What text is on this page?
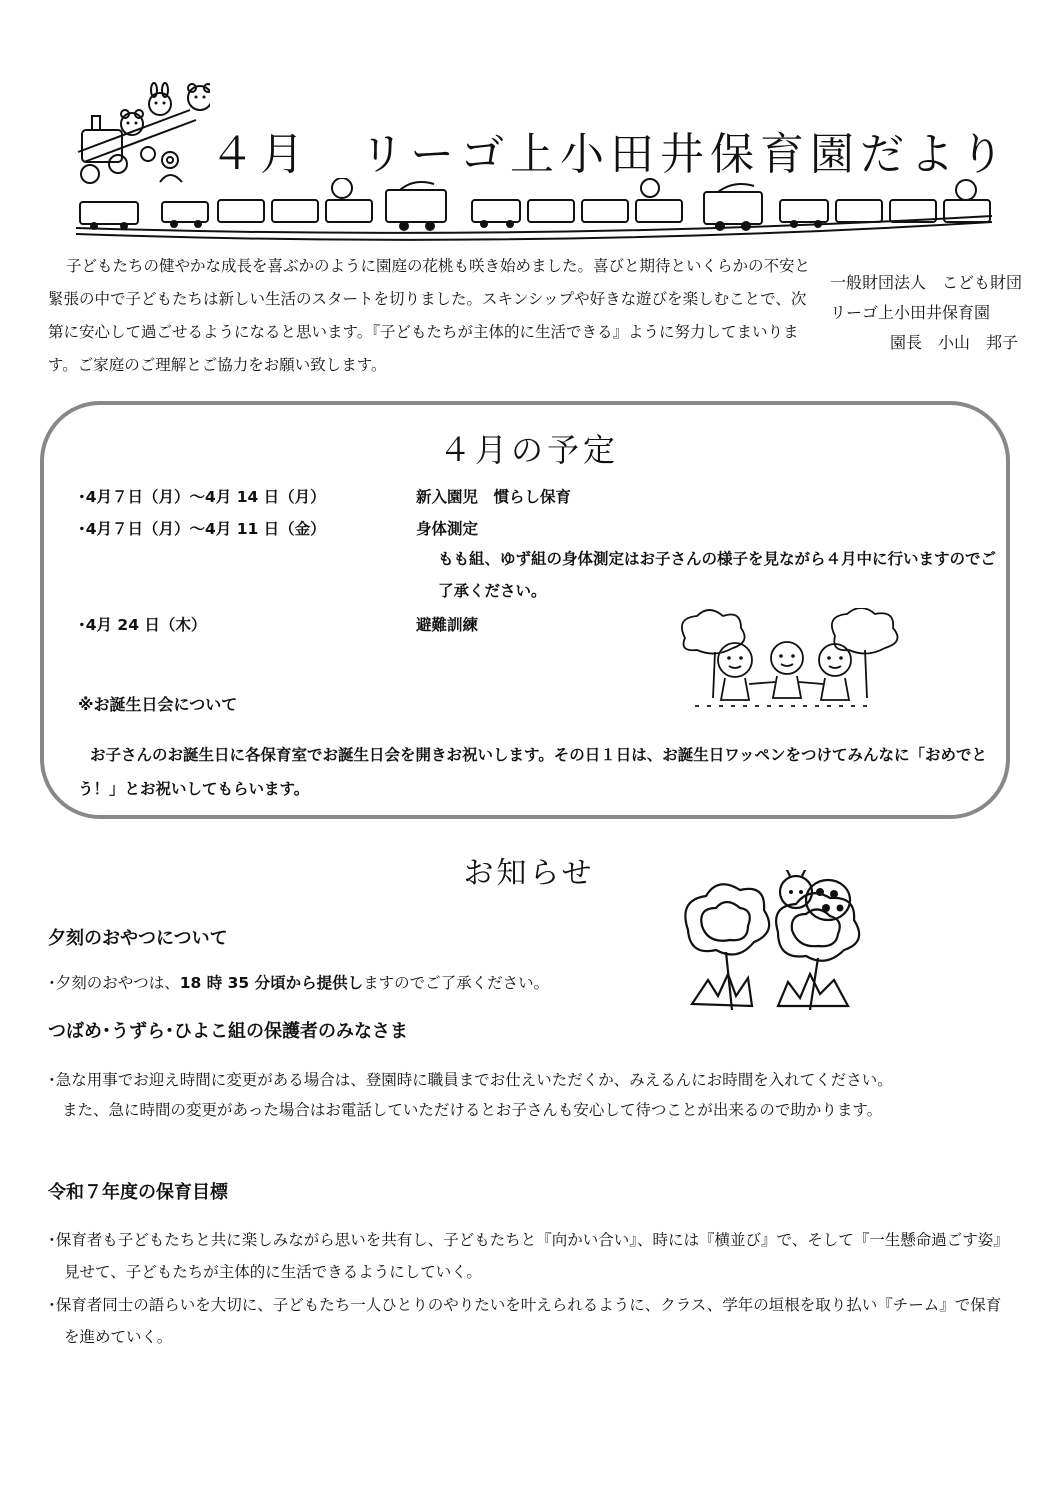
４月　リーゴ上小田井保育園だより
子どもたちの健やかな成長を喜ぶかのように園庭の花桃も咲き始めました。喜びと期待といくらかの不安と緊張の中で子どもたちは新しい生活のスタートを切りました。スキンシップや好きな遊びを楽しむことで、次第に安心して過ごせるようになると思います。『子どもたちが主体的に生活できる』ように努力してまいります。ご家庭のご理解とご協力をお願い致します。
一般財団法人　こども財団
リーゴ上小田井保育園
園長　小山　邦子
４月の予定
･4月７日（月）～4月 14 日（月）	新入園児　慣らし保育
･4月７日（月）～4月 11 日（金）	身体測定
もも組、ゆず組の身体測定はお子さんの様子を見ながら４月中に行いますのでご了承ください。
･4月 24 日（木）	避難訓練
※お誕生日会について
お子さんのお誕生日に各保育室でお誕生日会を開きお祝いします。その日１日は、お誕生日ワッペンをつけてみんなに「おめでとう！」とお祝いしてもらいます。
お知らせ
夕刻のおやつについて
･夕刻のおやつは、18 時 35 分頃から提供しますのでご了承ください。
つばめ･うずら･ひよこ組の保護者のみなさま
･急な用事でお迎え時間に変更がある場合は、登園時に職員までお仕えいただくか、みえるんにお時間を入れてください。
また、急に時間の変更があった場合はお電話していただけるとお子さんも安心して待つことが出来るので助かります。
令和７年度の保育目標
･保育者も子どもたちと共に楽しみながら思いを共有し、子どもたちと『向かい合い』、時には『横並び』で、そして『一生懸命過ごす姿』
見せて、子どもたちが主体的に生活できるようにしていく。
･保育者同士の語らいを大切に、子どもたち一人ひとりのやりたいを叶えられるように、クラス、学年の垣根を取り払い『チーム』で保育
を進めていく。
